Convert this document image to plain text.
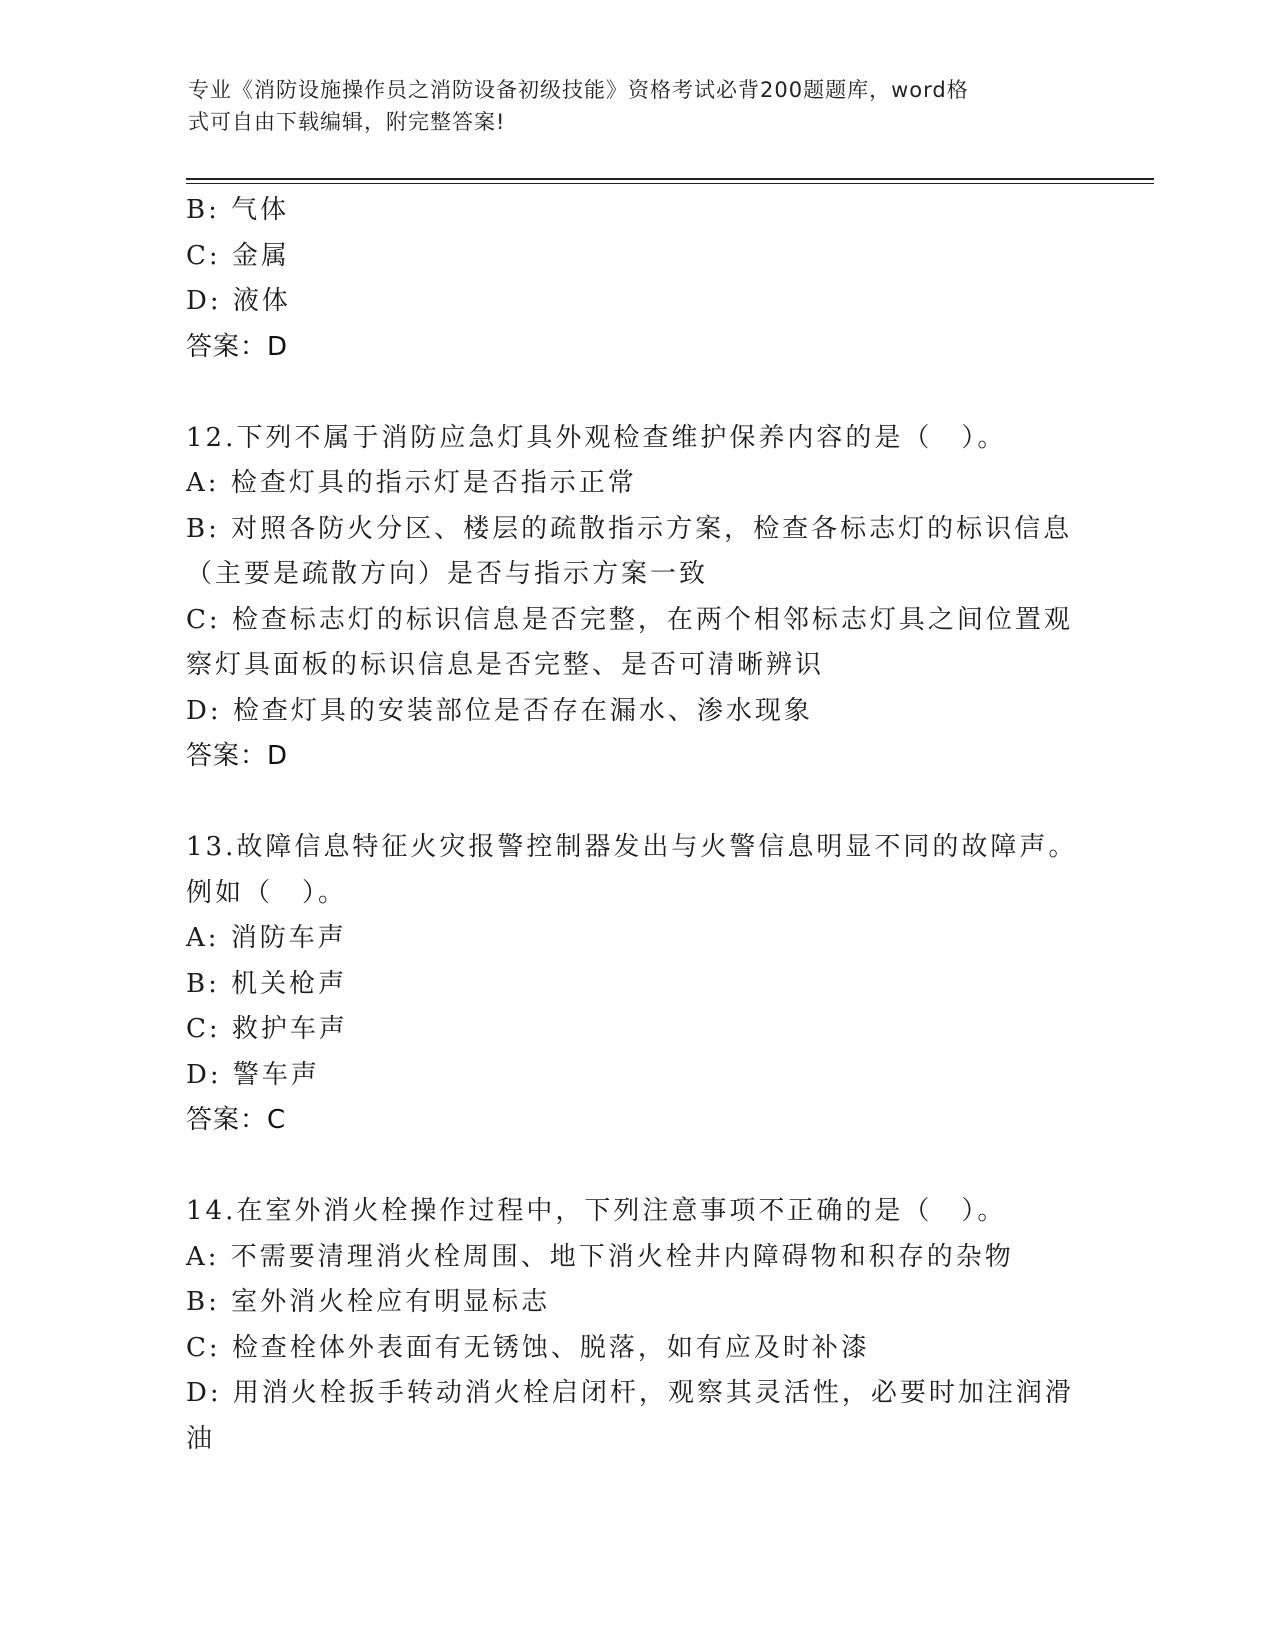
专业《消防设施操作员之消防设备初级技能》资格考试必背200题题库，word格
式可自由下载编辑，附完整答案!
B: 气体
C: 金属
D: 液体
答案：D
12.下列不属于消防应急灯具外观检查维护保养内容的是（　）。
A: 检查灯具的指示灯是否指示正常
B: 对照各防火分区、楼层的疏散指示方案，检查各标志灯的标识信息
（主要是疏散方向）是否与指示方案一致
C: 检查标志灯的标识信息是否完整，在两个相邻标志灯具之间位置观
察灯具面板的标识信息是否完整、是否可清晰辨识
D: 检查灯具的安装部位是否存在漏水、渗水现象
答案：D
13.故障信息特征火灾报警控制器发出与火警信息明显不同的故障声。
例如（　）。
A: 消防车声
B: 机关枪声
C: 救护车声
D: 警车声
答案：C
14.在室外消火栓操作过程中，下列注意事项不正确的是（　）。
A: 不需要清理消火栓周围、地下消火栓井内障碍物和积存的杂物
B: 室外消火栓应有明显标志
C: 检查栓体外表面有无锈蚀、脱落，如有应及时补漆
D: 用消火栓扳手转动消火栓启闭杆，观察其灵活性，必要时加注润滑
油
